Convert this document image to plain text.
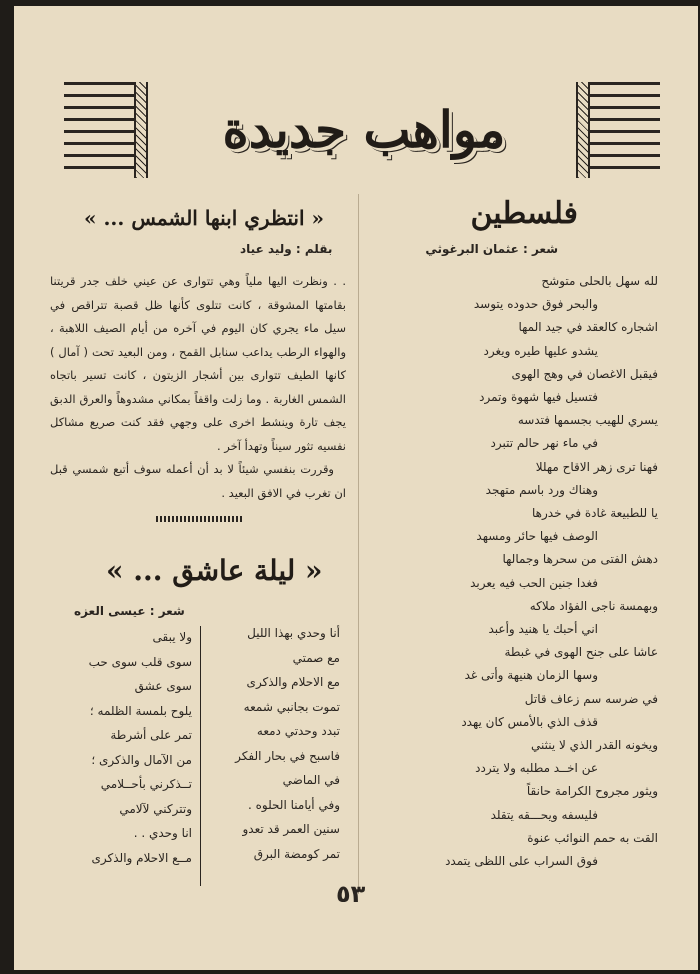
مواهب جديدة
فلسطين
شعر : عثمان البرغوثي
لله سهل بالحلى متوشح
والبحر فوق حدوده يتوسد
اشجاره كالعقد في جيد المها
يشدو عليها طيره ويغرد
فيقبل الاغصان في وهج الهوى
فتسيل فيها شهوة وتمرد
يسري للهيب بجسمها فتدسه
في ماء نهر حالم تتبرد
فهنا ترى زهر الاقاح مهللا
وهناك ورد باسم متهجد
يا للطبيعة غادة في خدرها
الوصف فيها حائر ومسهد
دهش الفتى من سحرها وجمالها
فغدا جنين الحب فيه يعربد
وبهمسة ناجى الفؤاد ملاكه
اني أحبك يا هنيد وأعبد
عاشا على جنح الهوى في غبطة
وسها الزمان هنيهة وأتى غد
في ضرسه سم زعاف قاتل
قذف الذي بالأمس كان يهدد
ويخونه القدر الذي لا ينثني
عن اخــد مطلبه ولا يتردد
ويثور مجروح الكرامة حانقاً
فليسفه ويحـــقه يتقلد
القت به حمم النوائب عنوة
فوق السراب على اللظى يتمدد
« انتظري ابنها الشمس ... »
بقلم : وليد عياد

. . ونظرت اليها ملياً وهي تتوارى عن عيني خلف جدر قريتنا بقامتها المشوقة ، كانت تتلوى كأنها ظل قصبة تتراقص في سيل ماء يجري كان اليوم في آخره من أيام الصيف اللاهبة ، والهواء الرطب يداعب سنابل القمح ، ومن البعيد تحت ( آمال ) كانها الطيف تتوارى بين أشجار الزيتون ، كانت تسير باتجاه الشمس الغاربة . وما زلت واقفاً بمكاني مشدوهاً والعرق الدبق يجف تارة وينشط اخرى على وجهي فقد كنت صريع مشاكل نفسيه تثور سيناً وتهدأ آخر .

وقررت بنفسي شيئاً لا بد أن أعمله سوف أتبع شمسي قبل ان تغرب في الافق البعيد .

« ليلة عاشق ... »
شعر : عيسى العزه
أنا وحدي بهذا الليل
مع صمتي
مع الاحلام والذكرى
تموت بجانبي شمعه
تبدد وحدتي دمعه
فاسبح في بحار الفكر
في الماضي
وفي أيامنا الحلوه .
سنين العمر قد تعدو
تمر كومضة البرق
ولا يبقى
سوى قلب سوى حب
سوى عشق
يلوح بلمسة الظلمه ؛
تمر على أشرطة
من الآمال والذكرى ؛
تــذكرني بأحــلامي
وتتركني لآلامي
انا وحدي . .
مــع الاحلام والذكرى
٥٣
